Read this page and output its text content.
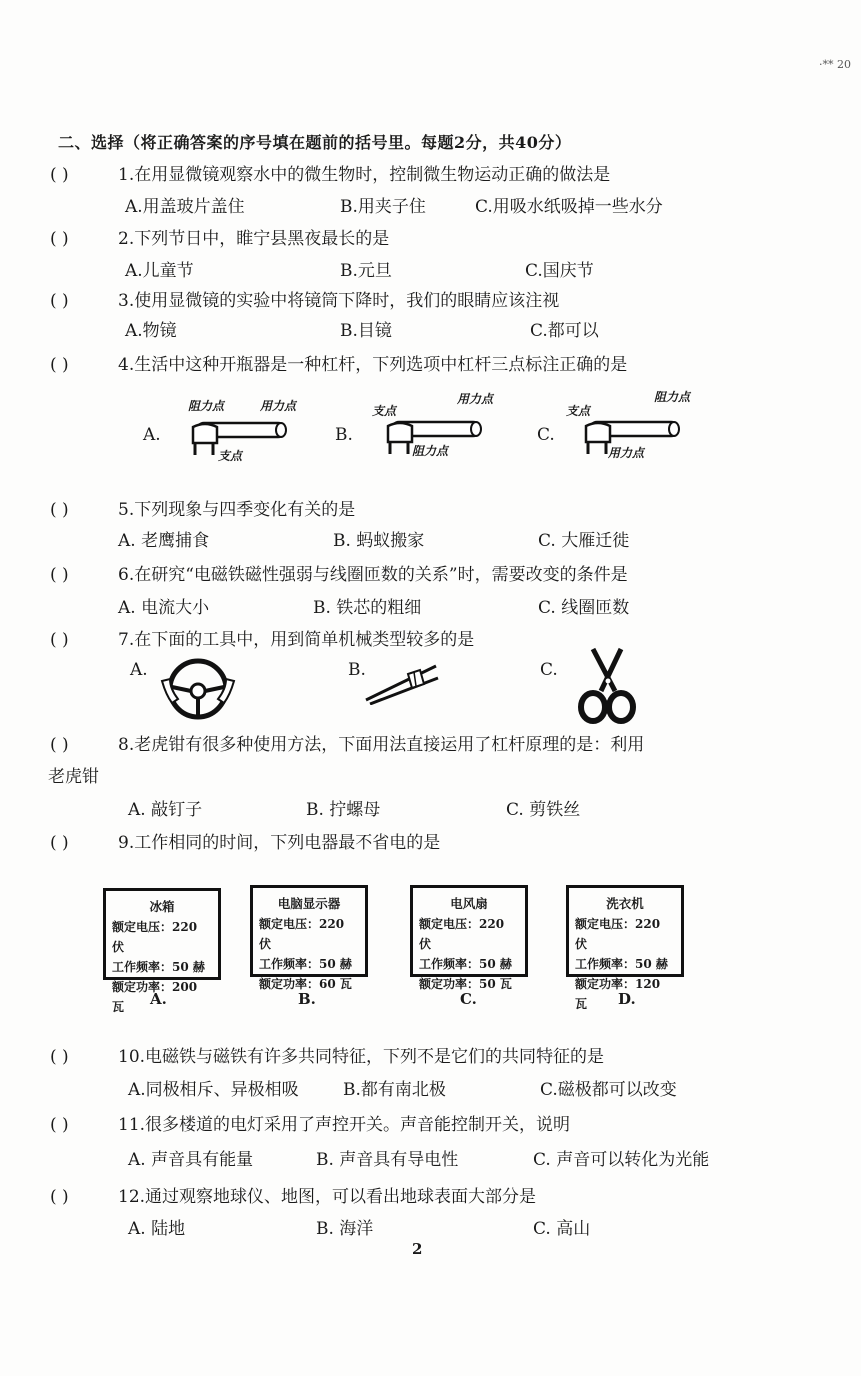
·** 20
二、选择（将正确答案的序号填在题前的括号里。每题2分，共40分）
( )	1.在用显微镜观察水中的微生物时，控制微生物运动正确的做法是
A.用盖玻片盖住	B.用夹子住	C.用吸水纸吸掉一些水分
( )	2.下列节日中，睢宁县黑夜最长的是
A.儿童节	B.元旦	C.国庆节
( )	3.使用显微镜的实验中将镜筒下降时，我们的眼睛应该注视
A.物镜	B.目镜	C.都可以
( )	4.生活中这种开瓶器是一种杠杆，下列选项中杠杆三点标注正确的是
A.	B.	C.
阻力点	用力点
支点
支点
用力点
阻力点
支点
阻力点
用力点
( )	5.下列现象与四季变化有关的是
A. 老鹰捕食	B. 蚂蚁搬家	C. 大雁迁徙
( )	6.在研究“电磁铁磁性强弱与线圈匝数的关系”时，需要改变的条件是
A. 电流大小	B. 铁芯的粗细	C. 线圈匝数
( )	7.在下面的工具中，用到简单机械类型较多的是
A.	B.	C.
( )	8.老虎钳有很多种使用方法，下面用法直接运用了杠杆原理的是：利用
老虎钳
A. 敲钉子	B. 拧螺母	C. 剪铁丝
( )	9.工作相同的时间，下列电器最不省电的是
冰箱
额定电压：220 伏
工作频率：50 赫
额定功率：200 瓦
电脑显示器
额定电压：220 伏
工作频率：50 赫
额定功率：60 瓦
电风扇
额定电压：220 伏
工作频率：50 赫
额定功率：50 瓦
洗衣机
额定电压：220 伏
工作频率：50 赫
额定功率：120 瓦
A.	B.	C.	D.
( )	10.电磁铁与磁铁有许多共同特征，下列不是它们的共同特征的是
A.同极相斥、异极相吸	B.都有南北极	C.磁极都可以改变
( )	11.很多楼道的电灯采用了声控开关。声音能控制开关，说明
A. 声音具有能量	B. 声音具有导电性	C. 声音可以转化为光能
( )	12.通过观察地球仪、地图，可以看出地球表面大部分是
A. 陆地	B. 海洋	C. 高山
2
